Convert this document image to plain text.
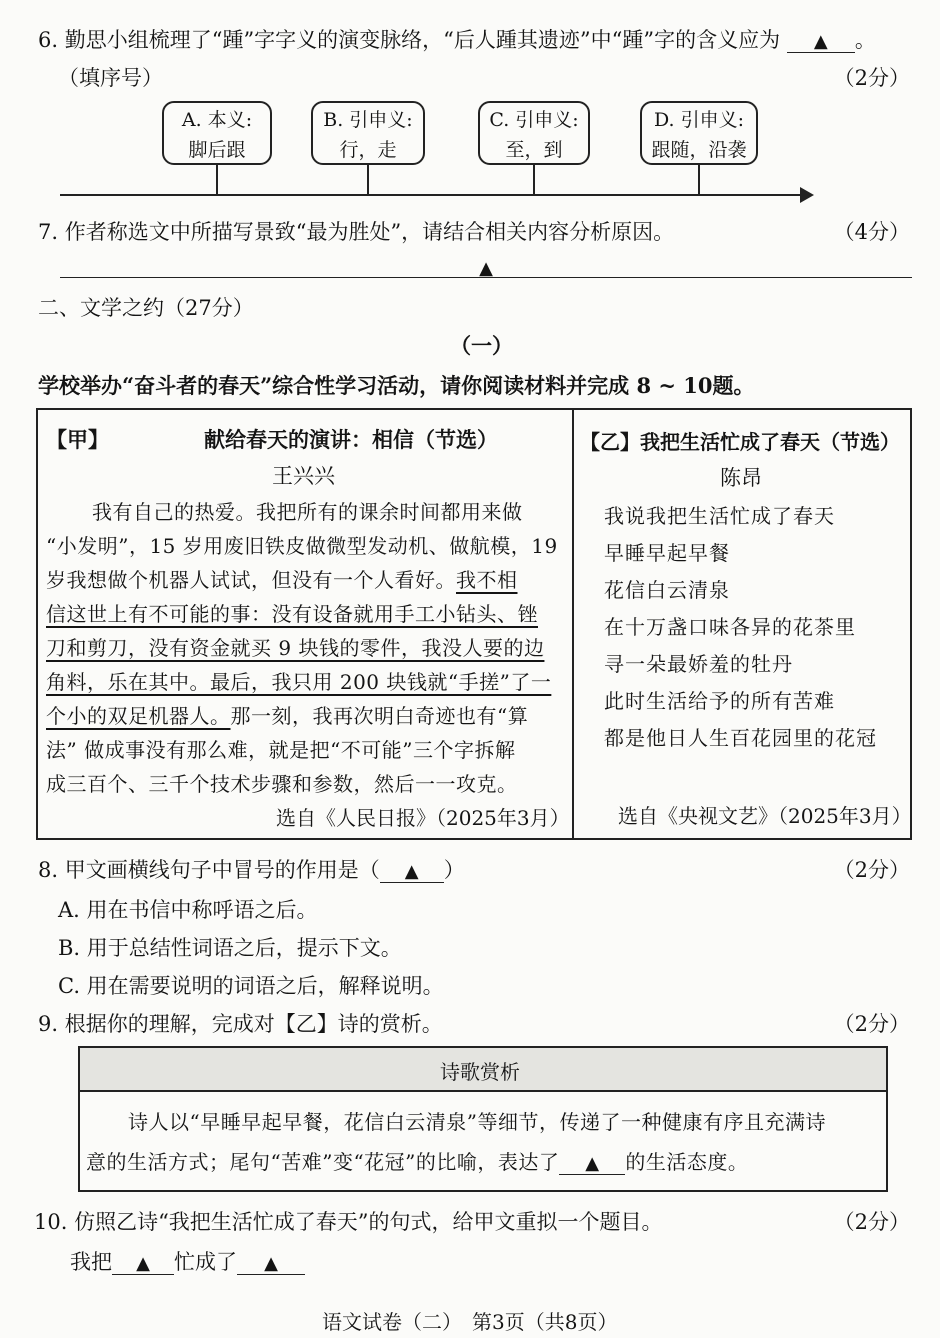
6. 勤思小组梳理了“踵”字字义的演变脉络，“后人踵其遗迹”中“踵”字的含义应为 ▲ 。
（填序号）	（2分）
A. 本义:
脚后跟
B. 引申义:
行，走
C. 引申义:
至，到
D. 引申义:
跟随，沿袭
7. 作者称选文中所描写景致“最为胜处”，请结合相关内容分析原因。	（4分）
▲
二、文学之约（27分）
（一）
学校举办“奋斗者的春天”综合性学习活动，请你阅读材料并完成 8 ~ 10题。
【甲】	献给春天的演讲：相信（节选）
王兴兴
我有自己的热爱。我把所有的课余时间都用来做
“小发明”，15 岁用废旧铁皮做微型发动机、做航模，19
岁我想做个机器人试试，但没有一个人看好。我不相
信这世上有不可能的事：没有设备就用手工小钻头、锉
刀和剪刀，没有资金就买 9 块钱的零件，我没人要的边
角料，乐在其中。最后，我只用 200 块钱就“手搓”了一
个小的双足机器人。那一刻，我再次明白奇迹也有“算
法” 做成事没有那么难，就是把“不可能”三个字拆解
成三百个、三千个技术步骤和参数，然后一一攻克。
选自《人民日报》（2025年3月）
【乙】我把生活忙成了春天（节选）
陈昂
我说我把生活忙成了春天
早睡早起早餐
花信白云清泉
在十万盏口味各异的花茶里
寻一朵最娇羞的牡丹
此时生活给予的所有苦难
都是他日人生百花园里的花冠
选自《央视文艺》（2025年3月）
8. 甲文画横线句子中冒号的作用是（ ▲ ）	（2分）
A. 用在书信中称呼语之后。
B. 用于总结性词语之后，提示下文。
C. 用在需要说明的词语之后，解释说明。
9. 根据你的理解，完成对【乙】诗的赏析。	（2分）
诗歌赏析
诗人以“早睡早起早餐，花信白云清泉”等细节，传递了一种健康有序且充满诗
意的生活方式；尾句“苦难”变“花冠”的比喻，表达了 ▲ 的生活态度。
10. 仿照乙诗“我把生活忙成了春天”的句式，给甲文重拟一个题目。	（2分）
我把 ▲ 忙成了 ▲
语文试卷（二）　第3页（共8页）
